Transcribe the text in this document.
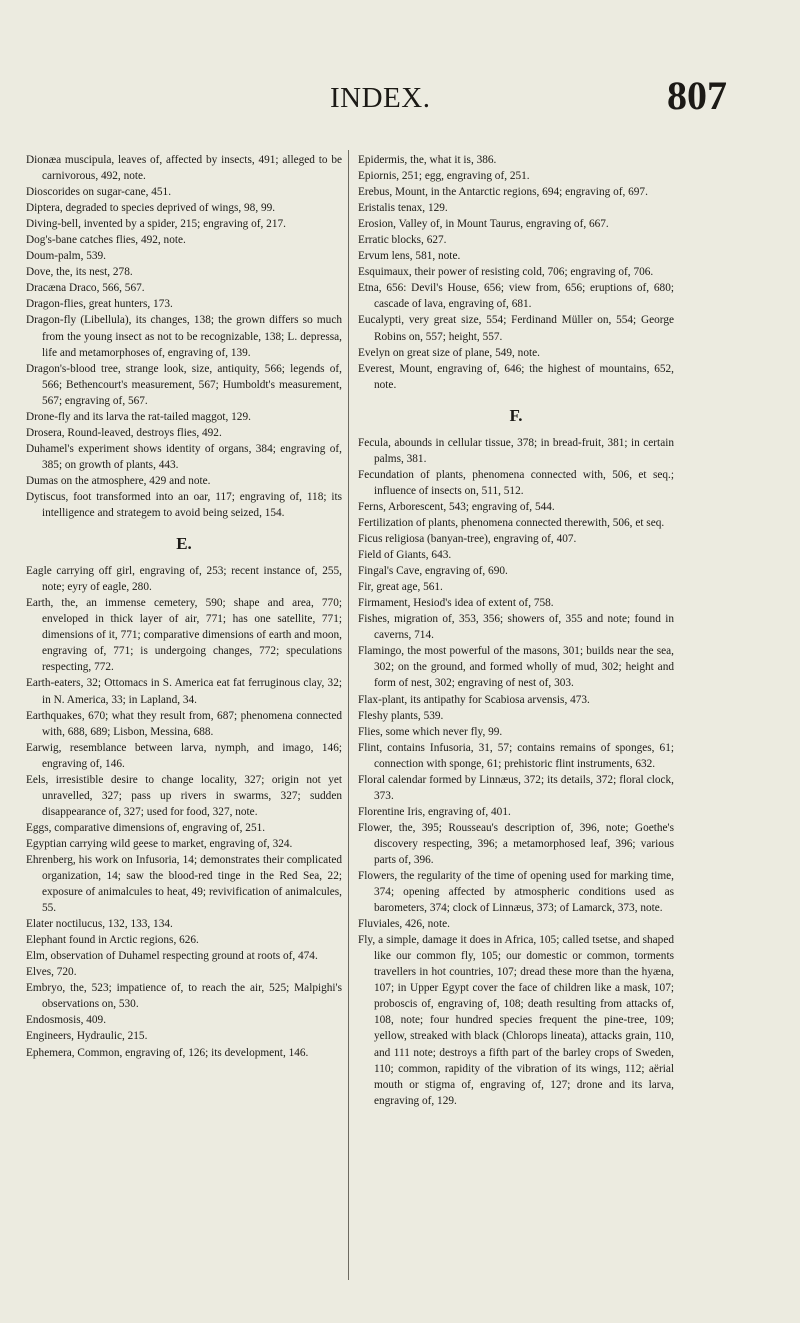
INDEX.	807

Dionæa muscipula, leaves of, affected by insects, 491; alleged to be carnivorous, 492, note.

Dioscorides on sugar-cane, 451.

Diptera, degraded to species deprived of wings, 98, 99.

Diving-bell, invented by a spider, 215; engraving of, 217.

Dog's-bane catches flies, 492, note.

Doum-palm, 539.

Dove, the, its nest, 278.

Dracæna Draco, 566, 567.

Dragon-flies, great hunters, 173.

Dragon-fly (Libellula), its changes, 138; the grown differs so much from the young insect as not to be recognizable, 138; L. depressa, life and metamorphoses of, engraving of, 139.

Dragon's-blood tree, strange look, size, antiquity, 566; legends of, 566; Bethencourt's measurement, 567; Humboldt's measurement, 567; engraving of, 567.

Drone-fly and its larva the rat-tailed maggot, 129.

Drosera, Round-leaved, destroys flies, 492.

Duhamel's experiment shows identity of organs, 384; engraving of, 385; on growth of plants, 443.

Dumas on the atmosphere, 429 and note.

Dytiscus, foot transformed into an oar, 117; engraving of, 118; its intelligence and strategem to avoid being seized, 154.

E.

Eagle carrying off girl, engraving of, 253; recent instance of, 255, note; eyry of eagle, 280.

Earth, the, an immense cemetery, 590; shape and area, 770; enveloped in thick layer of air, 771; has one satellite, 771; dimensions of it, 771; comparative dimensions of earth and moon, engraving of, 771; is undergoing changes, 772; speculations respecting, 772.

Earth-eaters, 32; Ottomacs in S. America eat fat ferruginous clay, 32; in N. America, 33; in Lapland, 34.

Earthquakes, 670; what they result from, 687; phenomena connected with, 688, 689; Lisbon, Messina, 688.

Earwig, resemblance between larva, nymph, and imago, 146; engraving of, 146.

Eels, irresistible desire to change locality, 327; origin not yet unravelled, 327; pass up rivers in swarms, 327; sudden disappearance of, 327; used for food, 327, note.

Eggs, comparative dimensions of, engraving of, 251.

Egyptian carrying wild geese to market, engraving of, 324.

Ehrenberg, his work on Infusoria, 14; demonstrates their complicated organization, 14; saw the blood-red tinge in the Red Sea, 22; exposure of animalcules to heat, 49; revivification of animalcules, 55.

Elater noctilucus, 132, 133, 134.

Elephant found in Arctic regions, 626.

Elm, observation of Duhamel respecting ground at roots of, 474.

Elves, 720.

Embryo, the, 523; impatience of, to reach the air, 525; Malpighi's observations on, 530.

Endosmosis, 409.

Engineers, Hydraulic, 215.

Ephemera, Common, engraving of, 126; its development, 146.

Epidermis, the, what it is, 386.

Epiornis, 251; egg, engraving of, 251.

Erebus, Mount, in the Antarctic regions, 694; engraving of, 697.

Eristalis tenax, 129.

Erosion, Valley of, in Mount Taurus, engraving of, 667.

Erratic blocks, 627.

Ervum lens, 581, note.

Esquimaux, their power of resisting cold, 706; engraving of, 706.

Etna, 656: Devil's House, 656; view from, 656; eruptions of, 680; cascade of lava, engraving of, 681.

Eucalypti, very great size, 554; Ferdinand Müller on, 554; George Robins on, 557; height, 557.

Evelyn on great size of plane, 549, note.

Everest, Mount, engraving of, 646; the highest of mountains, 652, note.

F.

Fecula, abounds in cellular tissue, 378; in bread-fruit, 381; in certain palms, 381.

Fecundation of plants, phenomena connected with, 506, et seq.; influence of insects on, 511, 512.

Ferns, Arborescent, 543; engraving of, 544.

Fertilization of plants, phenomena connected therewith, 506, et seq.

Ficus religiosa (banyan-tree), engraving of, 407.

Field of Giants, 643.

Fingal's Cave, engraving of, 690.

Fir, great age, 561.

Firmament, Hesiod's idea of extent of, 758.

Fishes, migration of, 353, 356; showers of, 355 and note; found in caverns, 714.

Flamingo, the most powerful of the masons, 301; builds near the sea, 302; on the ground, and formed wholly of mud, 302; height and form of nest, 302; engraving of nest of, 303.

Flax-plant, its antipathy for Scabiosa arvensis, 473.

Fleshy plants, 539.

Flies, some which never fly, 99.

Flint, contains Infusoria, 31, 57; contains remains of sponges, 61; connection with sponge, 61; prehistoric flint instruments, 632.

Floral calendar formed by Linnæus, 372; its details, 372; floral clock, 373.

Florentine Iris, engraving of, 401.

Flower, the, 395; Rousseau's description of, 396, note; Goethe's discovery respecting, 396; a metamorphosed leaf, 396; various parts of, 396.

Flowers, the regularity of the time of opening used for marking time, 374; opening affected by atmospheric conditions used as barometers, 374; clock of Linnæus, 373; of Lamarck, 373, note.

Fluviales, 426, note.

Fly, a simple, damage it does in Africa, 105; called tsetse, and shaped like our common fly, 105; our domestic or common, torments travellers in hot countries, 107; dread these more than the hyæna, 107; in Upper Egypt cover the face of children like a mask, 107; proboscis of, engraving of, 108; death resulting from attacks of, 108, note; four hundred species frequent the pine-tree, 109; yellow, streaked with black (Chlorops lineata), attacks grain, 110, and 111 note; destroys a fifth part of the barley crops of Sweden, 110; common, rapidity of the vibration of its wings, 112; aërial mouth or stigma of, engraving of, 127; drone and its larva, engraving of, 129.
